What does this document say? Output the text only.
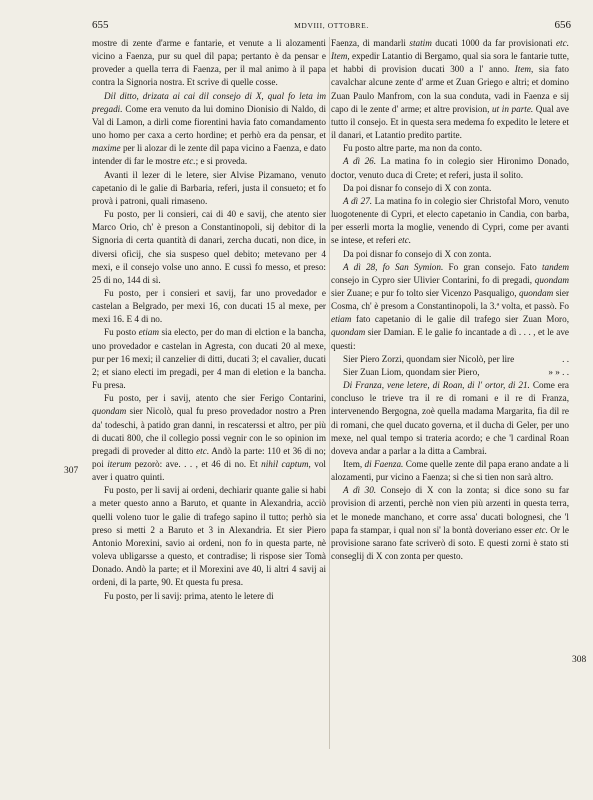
655	MDVIII, OTTOBRE.	656
307
308

mostre di zente d'arme e fantarie, et venute a li alozamenti vicino a Faenza, pur su quel dil papa; pertanto è da pensar e proveder a quella terra di Faenza, per il mal animo à il papa contra la Signoria nostra. Et scrive di quelle cosse.

Dil ditto, drizata ai cai dil consejo di X, qual fo leta im pregadi. Come era venuto da lui domino Dionisio di Naldo, di Val di Lamon, a dirli come fiorentini havia fato comandamento uno homo per caxa a certo hordine; et perhò era da pensar, et maxime per li alozar di le zente dil papa vicino a Faenza, e dato intender di far le mostre etc.; e si proveda.

Avanti il lezer di le letere, sier Alvise Pizamano, venuto capetanio di le galie di Barbaria, referi, justa il consueto; et fo provà i patroni, quali rimaseno.

Fu posto, per li consieri, cai di 40 e savij, che atento sier Marco Orio, ch' è preson a Constantinopoli, sij debitor di la Signoria di certa quantità di danari, zercha ducati, non dice, in diversi oficij, che sia suspeso quel debito; metevano per 4 mexi, e il consejo volse uno anno. E cussì fo messo, et preso: 25 di no, 144 di sì.

Fu posto, per i consieri et savij, far uno provedador e castelan a Belgrado, per mexi 16, con ducati 15 al mexe, per mexi 16. E 4 di no.

Fu posto etiam sia electo, per do man di elction e la bancha, uno provedador e castelan in Agresta, con ducati 20 al mexe, pur per 16 mexi; il canzelier di ditti, ducati 3; el cavalier, ducati 2; et siano electi im pregadi, per 4 man di eletion e la bancha. Fu presa.

Fu posto, per i savij, atento che sier Ferigo Contarini, quondam sier Nicolò, qual fu preso provedador nostro a Pren da' todeschi, à patido gran danni, in rescaterssi et altro, per più di ducati 800, che il collegio possi vegnir con le so opinion im pregadi di proveder al ditto etc. Andò la parte: 110 et 36 di no; poi iterum pezorò: ave. . . , et 46 di no. Et nihil captum, vol aver i quatro quinti.

Fu posto, per li savij ai ordeni, dechiarir quante galie si habi a meter questo anno a Baruto, et quante in Alexandria, acciò quelli voleno tuor le galie di trafego sapino il tutto; perhò sia preso si metti 2 a Baruto et 3 in Alexandria. Et sier Piero Antonio Morexini, savio ai ordeni, non fo in questa parte, nè voleva ubligarsse a questo, et contradise; li rispose sier Tomà Donado. Andò la parte; et il Morexini ave 40, li altri 4 savij ai ordeni, di la parte, 90. Et questa fu presa.

Fu posto, per li savij: prima, atento le letere di

Faenza, di mandarli statim ducati 1000 da far provisionati etc. Item, expedir Latantio di Bergamo, qual sia sora le fantarie tutte, et habbi di provision ducati 300 a l' anno. Item, sia fato cavalchar alcune zente d' arme et Zuan Griego e altri; et domino Zuan Paulo Manfrom, con la sua conduta, vadi in Faenza e sij capo di le zente d' arme; et altre provision, ut in parte. Qual ave tutto il consejo. Et in questa sera medema fo expedito le letere et il danari, et Latantio predito partite.

Fu posto altre parte, ma non da conto.

A dì 26. La matina fo in colegio sier Hironimo Donado, doctor, venuto duca di Crete; et referi, justa il solito.

Da poi disnar fo consejo di X con zonta.

A dì 27. La matina fo in colegio sier Christofal Moro, venuto luogotenente di Cypri, et electo capetanio in Candia, con barba, per esserli morta la moglie, venendo di Cypri, come per avanti se intese, et referi etc.

Da poi disnar fo consejo di X con zonta.

A dì 28, fo San Symion. Fo gran consejo. Fato tandem consejo in Cypro sier Ulivier Contarini, fo di pregadi, quondam sier Zuane; e pur fo tolto sier Vicenzo Pasqualigo, quondam sier Cosma, ch' è presom a Constantinopoli, la 3.ª volta, et passò. Fo etiam fato capetanio di le galie dil trafego sier Zuan Moro, quondam sier Damian. E le galie fo incantade a dì . . . , et le ave questi:

Sier Piero Zorzi, quondam sier Nicolò, per lire	. .
Sier Zuan Liom, quondam sier Piero,	» » . .

Di Franza, vene letere, di Roan, di l' ortor, di 21. Come era concluso le trieve tra il re di romani e il re di Franza, intervenendo Bergogna, zoè quella madama Margarita, fia dil re di romani, che quel ducato governa, et il ducha di Geler, per uno mexe, nel qual tempo si trateria acordo; e che 'l cardinal Roan doveva andar a parlar a la ditta a Cambrai.

Item, di Faenza. Come quelle zente dil papa erano andate a li alozamenti, pur vicino a Faenza; si che si tien non sarà altro.

A dì 30. Consejo di X con la zonta; si dice sono su far provision di arzenti, perchè non vien più arzenti in questa terra, et le monede manchano, et corre assa' ducati bolognesi, che 'l papa fa stampar, i qual non si' la bontà doveriano esser etc. Or le provisione sarano fate scriverò di soto. E questi zorni è stato sti conseglij di X con zonta per questo.
